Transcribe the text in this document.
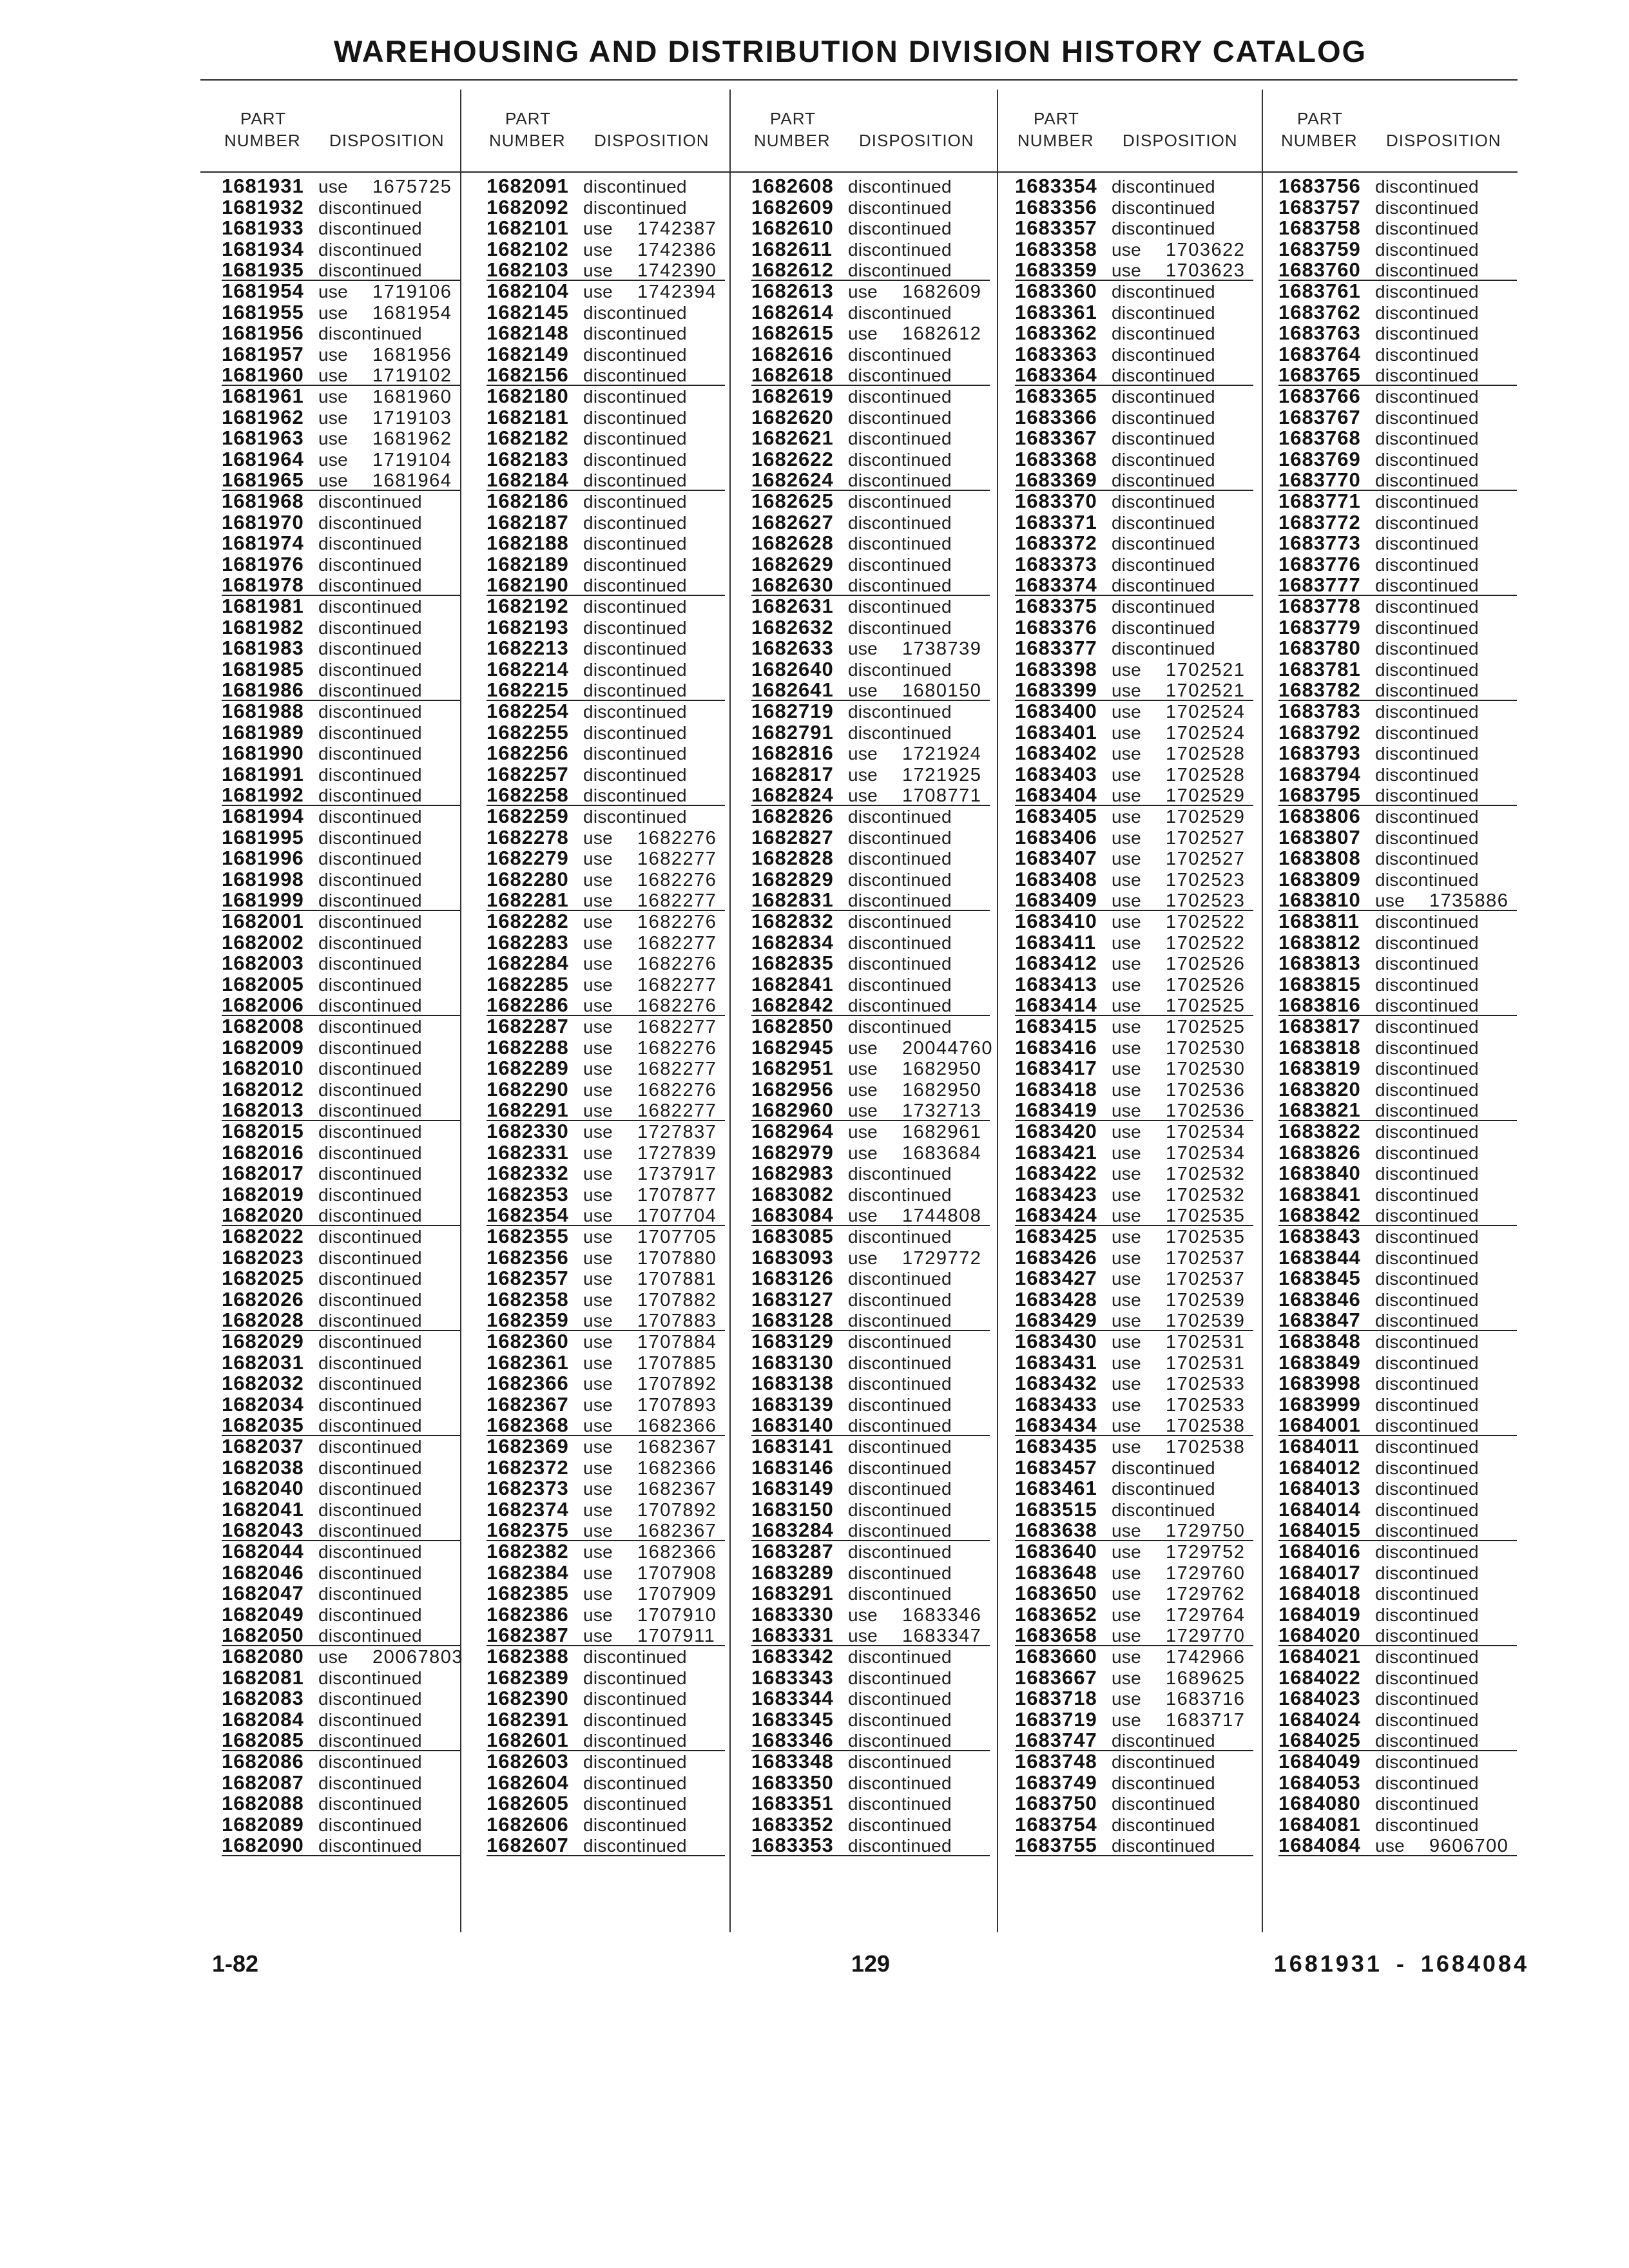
WAREHOUSING AND DISTRIBUTION DIVISION HISTORY CATALOG
PART
NUMBER DISPOSITION
1681931 use 1675725
1681932 discontinued
1681933 discontinued
1681934 discontinued
1681935 discontinued
1681954 use 1719106
1681955 use 1681954
1681956 discontinued
1681957 use 1681956
1681960 use 1719102
1681961 use 1681960
1681962 use 1719103
1681963 use 1681962
1681964 use 1719104
1681965 use 1681964
1681968 discontinued
1681970 discontinued
1681974 discontinued
1681976 discontinued
1681978 discontinued
1681981 discontinued
1681982 discontinued
1681983 discontinued
1681985 discontinued
1681986 discontinued
1681988 discontinued
1681989 discontinued
1681990 discontinued
1681991 discontinued
1681992 discontinued
1681994 discontinued
1681995 discontinued
1681996 discontinued
1681998 discontinued
1681999 discontinued
1682001 discontinued
1682002 discontinued
1682003 discontinued
1682005 discontinued
1682006 discontinued
1682008 discontinued
1682009 discontinued
1682010 discontinued
1682012 discontinued
1682013 discontinued
1682015 discontinued
1682016 discontinued
1682017 discontinued
1682019 discontinued
1682020 discontinued
1682022 discontinued
1682023 discontinued
1682025 discontinued
1682026 discontinued
1682028 discontinued
1682029 discontinued
1682031 discontinued
1682032 discontinued
1682034 discontinued
1682035 discontinued
1682037 discontinued
1682038 discontinued
1682040 discontinued
1682041 discontinued
1682043 discontinued
1682044 discontinued
1682046 discontinued
1682047 discontinued
1682049 discontinued
1682050 discontinued
1682080 use 20067803
1682081 discontinued
1682083 discontinued
1682084 discontinued
1682085 discontinued
1682086 discontinued
1682087 discontinued
1682088 discontinued
1682089 discontinued
1682090 discontinued
PART
NUMBER DISPOSITION
1682091 discontinued
1682092 discontinued
1682101 use 1742387
1682102 use 1742386
1682103 use 1742390
1682104 use 1742394
1682145 discontinued
1682148 discontinued
1682149 discontinued
1682156 discontinued
1682180 discontinued
1682181 discontinued
1682182 discontinued
1682183 discontinued
1682184 discontinued
1682186 discontinued
1682187 discontinued
1682188 discontinued
1682189 discontinued
1682190 discontinued
1682192 discontinued
1682193 discontinued
1682213 discontinued
1682214 discontinued
1682215 discontinued
1682254 discontinued
1682255 discontinued
1682256 discontinued
1682257 discontinued
1682258 discontinued
1682259 discontinued
1682278 use 1682276
1682279 use 1682277
1682280 use 1682276
1682281 use 1682277
1682282 use 1682276
1682283 use 1682277
1682284 use 1682276
1682285 use 1682277
1682286 use 1682276
1682287 use 1682277
1682288 use 1682276
1682289 use 1682277
1682290 use 1682276
1682291 use 1682277
1682330 use 1727837
1682331 use 1727839
1682332 use 1737917
1682353 use 1707877
1682354 use 1707704
1682355 use 1707705
1682356 use 1707880
1682357 use 1707881
1682358 use 1707882
1682359 use 1707883
1682360 use 1707884
1682361 use 1707885
1682366 use 1707892
1682367 use 1707893
1682368 use 1682366
1682369 use 1682367
1682372 use 1682366
1682373 use 1682367
1682374 use 1707892
1682375 use 1682367
1682382 use 1682366
1682384 use 1707908
1682385 use 1707909
1682386 use 1707910
1682387 use 1707911
1682388 discontinued
1682389 discontinued
1682390 discontinued
1682391 discontinued
1682601 discontinued
1682603 discontinued
1682604 discontinued
1682605 discontinued
1682606 discontinued
1682607 discontinued
PART
NUMBER DISPOSITION
1682608 discontinued
1682609 discontinued
1682610 discontinued
1682611 discontinued
1682612 discontinued
1682613 use 1682609
1682614 discontinued
1682615 use 1682612
1682616 discontinued
1682618 discontinued
1682619 discontinued
1682620 discontinued
1682621 discontinued
1682622 discontinued
1682624 discontinued
1682625 discontinued
1682627 discontinued
1682628 discontinued
1682629 discontinued
1682630 discontinued
1682631 discontinued
1682632 discontinued
1682633 use 1738739
1682640 discontinued
1682641 use 1680150
1682719 discontinued
1682791 discontinued
1682816 use 1721924
1682817 use 1721925
1682824 use 1708771
1682826 discontinued
1682827 discontinued
1682828 discontinued
1682829 discontinued
1682831 discontinued
1682832 discontinued
1682834 discontinued
1682835 discontinued
1682841 discontinued
1682842 discontinued
1682850 discontinued
1682945 use 20044760
1682951 use 1682950
1682956 use 1682950
1682960 use 1732713
1682964 use 1682961
1682979 use 1683684
1682983 discontinued
1683082 discontinued
1683084 use 1744808
1683085 discontinued
1683093 use 1729772
1683126 discontinued
1683127 discontinued
1683128 discontinued
1683129 discontinued
1683130 discontinued
1683138 discontinued
1683139 discontinued
1683140 discontinued
1683141 discontinued
1683146 discontinued
1683149 discontinued
1683150 discontinued
1683284 discontinued
1683287 discontinued
1683289 discontinued
1683291 discontinued
1683330 use 1683346
1683331 use 1683347
1683342 discontinued
1683343 discontinued
1683344 discontinued
1683345 discontinued
1683346 discontinued
1683348 discontinued
1683350 discontinued
1683351 discontinued
1683352 discontinued
1683353 discontinued
PART
NUMBER DISPOSITION
1683354 discontinued
1683356 discontinued
1683357 discontinued
1683358 use 1703622
1683359 use 1703623
1683360 discontinued
1683361 discontinued
1683362 discontinued
1683363 discontinued
1683364 discontinued
1683365 discontinued
1683366 discontinued
1683367 discontinued
1683368 discontinued
1683369 discontinued
1683370 discontinued
1683371 discontinued
1683372 discontinued
1683373 discontinued
1683374 discontinued
1683375 discontinued
1683376 discontinued
1683377 discontinued
1683398 use 1702521
1683399 use 1702521
1683400 use 1702524
1683401 use 1702524
1683402 use 1702528
1683403 use 1702528
1683404 use 1702529
1683405 use 1702529
1683406 use 1702527
1683407 use 1702527
1683408 use 1702523
1683409 use 1702523
1683410 use 1702522
1683411 use 1702522
1683412 use 1702526
1683413 use 1702526
1683414 use 1702525
1683415 use 1702525
1683416 use 1702530
1683417 use 1702530
1683418 use 1702536
1683419 use 1702536
1683420 use 1702534
1683421 use 1702534
1683422 use 1702532
1683423 use 1702532
1683424 use 1702535
1683425 use 1702535
1683426 use 1702537
1683427 use 1702537
1683428 use 1702539
1683429 use 1702539
1683430 use 1702531
1683431 use 1702531
1683432 use 1702533
1683433 use 1702533
1683434 use 1702538
1683435 use 1702538
1683457 discontinued
1683461 discontinued
1683515 discontinued
1683638 use 1729750
1683640 use 1729752
1683648 use 1729760
1683650 use 1729762
1683652 use 1729764
1683658 use 1729770
1683660 use 1742966
1683667 use 1689625
1683718 use 1683716
1683719 use 1683717
1683747 discontinued
1683748 discontinued
1683749 discontinued
1683750 discontinued
1683754 discontinued
1683755 discontinued
PART
NUMBER DISPOSITION
1683756 discontinued
1683757 discontinued
1683758 discontinued
1683759 discontinued
1683760 discontinued
1683761 discontinued
1683762 discontinued
1683763 discontinued
1683764 discontinued
1683765 discontinued
1683766 discontinued
1683767 discontinued
1683768 discontinued
1683769 discontinued
1683770 discontinued
1683771 discontinued
1683772 discontinued
1683773 discontinued
1683776 discontinued
1683777 discontinued
1683778 discontinued
1683779 discontinued
1683780 discontinued
1683781 discontinued
1683782 discontinued
1683783 discontinued
1683792 discontinued
1683793 discontinued
1683794 discontinued
1683795 discontinued
1683806 discontinued
1683807 discontinued
1683808 discontinued
1683809 discontinued
1683810 use 1735886
1683811 discontinued
1683812 discontinued
1683813 discontinued
1683815 discontinued
1683816 discontinued
1683817 discontinued
1683818 discontinued
1683819 discontinued
1683820 discontinued
1683821 discontinued
1683822 discontinued
1683826 discontinued
1683840 discontinued
1683841 discontinued
1683842 discontinued
1683843 discontinued
1683844 discontinued
1683845 discontinued
1683846 discontinued
1683847 discontinued
1683848 discontinued
1683849 discontinued
1683998 discontinued
1683999 discontinued
1684001 discontinued
1684011 discontinued
1684012 discontinued
1684013 discontinued
1684014 discontinued
1684015 discontinued
1684016 discontinued
1684017 discontinued
1684018 discontinued
1684019 discontinued
1684020 discontinued
1684021 discontinued
1684022 discontinued
1684023 discontinued
1684024 discontinued
1684025 discontinued
1684049 discontinued
1684053 discontinued
1684080 discontinued
1684081 discontinued
1684084 use 9606700
1-82	129	1681931 - 1684084
